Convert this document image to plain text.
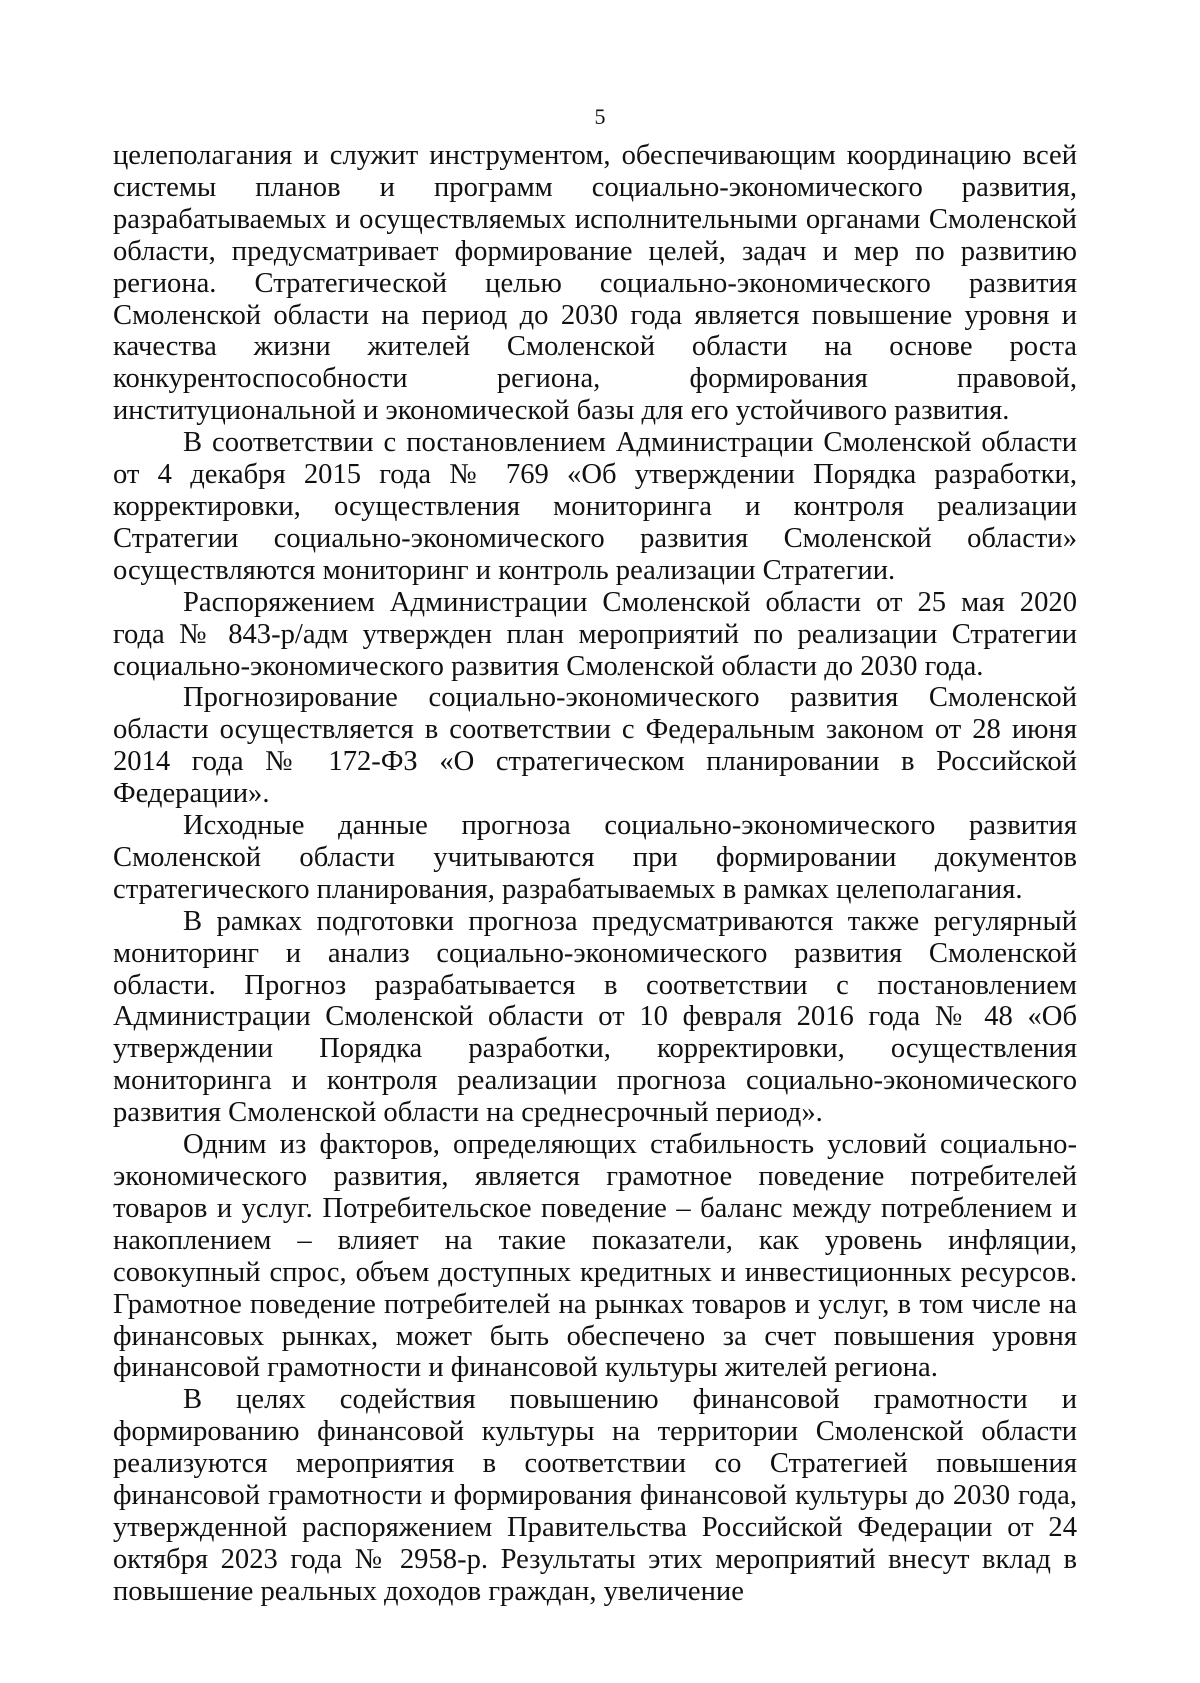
5

целеполагания и служит инструментом, обеспечивающим координацию всей системы планов и программ социально-экономического развития, разрабатываемых и осуществляемых исполнительными органами Смоленской области, предусматривает формирование целей, задач и мер по развитию региона. Стратегической целью социально-экономического развития Смоленской области на период до 2030 года является повышение уровня и качества жизни жителей Смоленской области на основе роста конкурентоспособности региона, формирования правовой, институциональной и экономической базы для его устойчивого развития.

В соответствии с постановлением Администрации Смоленской области от 4 декабря 2015 года № 769 «Об утверждении Порядка разработки, корректировки, осуществления мониторинга и контроля реализации Стратегии социально-экономического развития Смоленской области» осуществляются мониторинг и контроль реализации Стратегии.

Распоряжением Администрации Смоленской области от 25 мая 2020 года № 843-р/адм утвержден план мероприятий по реализации Стратегии социально-экономического развития Смоленской области до 2030 года.

Прогнозирование социально-экономического развития Смоленской области осуществляется в соответствии с Федеральным законом от 28 июня 2014 года № 172-ФЗ «О стратегическом планировании в Российской Федерации».

Исходные данные прогноза социально-экономического развития Смоленской области учитываются при формировании документов стратегического планирования, разрабатываемых в рамках целеполагания.

В рамках подготовки прогноза предусматриваются также регулярный мониторинг и анализ социально-экономического развития Смоленской области. Прогноз разрабатывается в соответствии с постановлением Администрации Смоленской области от 10 февраля 2016 года № 48 «Об утверждении Порядка разработки, корректировки, осуществления мониторинга и контроля реализации прогноза социально-экономического развития Смоленской области на среднесрочный период».

Одним из факторов, определяющих стабильность условий социально-экономического развития, является грамотное поведение потребителей товаров и услуг. Потребительское поведение – баланс между потреблением и накоплением – влияет на такие показатели, как уровень инфляции, совокупный спрос, объем доступных кредитных и инвестиционных ресурсов. Грамотное поведение потребителей на рынках товаров и услуг, в том числе на финансовых рынках, может быть обеспечено за счет повышения уровня финансовой грамотности и финансовой культуры жителей региона.

В целях содействия повышению финансовой грамотности и формированию финансовой культуры на территории Смоленской области реализуются мероприятия в соответствии со Стратегией повышения финансовой грамотности и формирования финансовой культуры до 2030 года, утвержденной распоряжением Правительства Российской Федерации от 24 октября 2023 года № 2958-р. Результаты этих мероприятий внесут вклад в повышение реальных доходов граждан, увеличение
